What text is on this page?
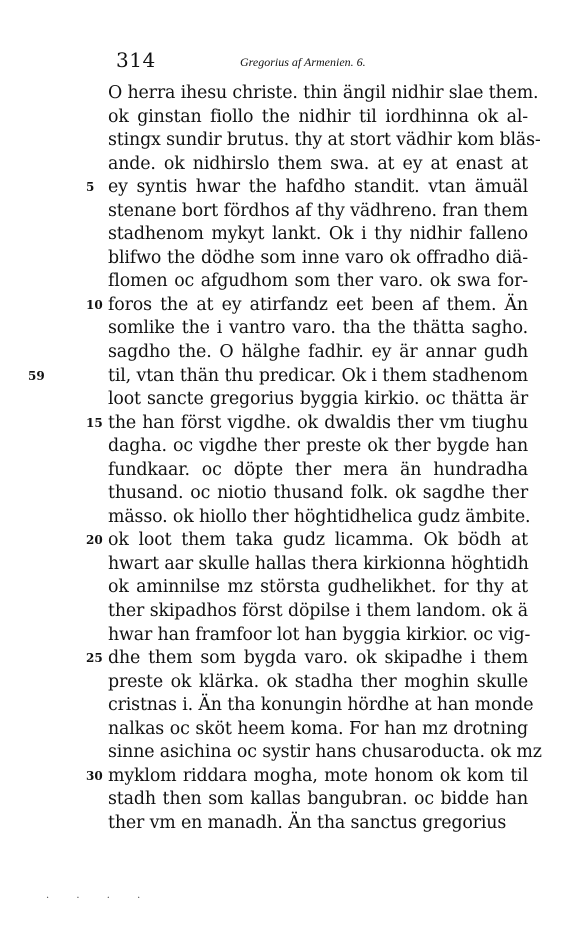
314	Gregorius af Armenien. 6.
O herra ihesu christe. thin ängil nidhir slae them.
ok ginstan fiollo the nidhir til iordhinna ok al-
stingx sundir brutus. thy at stort vädhir kom bläs-
ande. ok nidhirslo them swa. at ey at enast at
5 ey syntis hwar the hafdho standit. vtan ämuäl
stenane bort fördhos af thy vädhreno. fran them
stadhenom mykyt lankt. Ok i thy nidhir falleno
blifwo the dödhe som inne varo ok offradho diä-
flomen oc afgudhom som ther varo. ok swa for-
10 foros the at ey atirfandz eet been af them. Än
somlike the i vantro varo. tha the thätta sagho.
sagdho the. O hälghe fadhir. ey är annar gudh
59	til, vtan thän thu predicar. Ok i them stadhenom
loot sancte gregorius byggia kirkio. oc thätta är
15 the han först vigdhe. ok dwaldis ther vm tiughu
dagha. oc vigdhe ther preste ok ther bygde han
fundkaar. oc döpte ther mera än hundradha
thusand. oc niotio thusand folk. ok sagdhe ther
mässo. ok hiollo ther höghtidhelica gudz ämbite.
20 ok loot them taka gudz licamma. Ok bödh at
hwart aar skulle hallas thera kirkionna höghtidh
ok aminnilse mz största gudhelikhet. for thy at
ther skipadhos först döpilse i them landom. ok ä
hwar han framfoor lot han byggia kirkior. oc vig-
25 dhe them som bygda varo. ok skipadhe i them
preste ok klärka. ok stadha ther moghin skulle
cristnas i. Än tha konungin hördhe at han monde
nalkas oc sköt heem koma. For han mz drotning
sinne asichina oc systir hans chusaroducta. ok mz
30 myklom riddara mogha, mote honom ok kom til
stadh then som kallas bangubran. oc bidde han
ther vm en manadh. Än tha sanctus gregorius
· · · ·
